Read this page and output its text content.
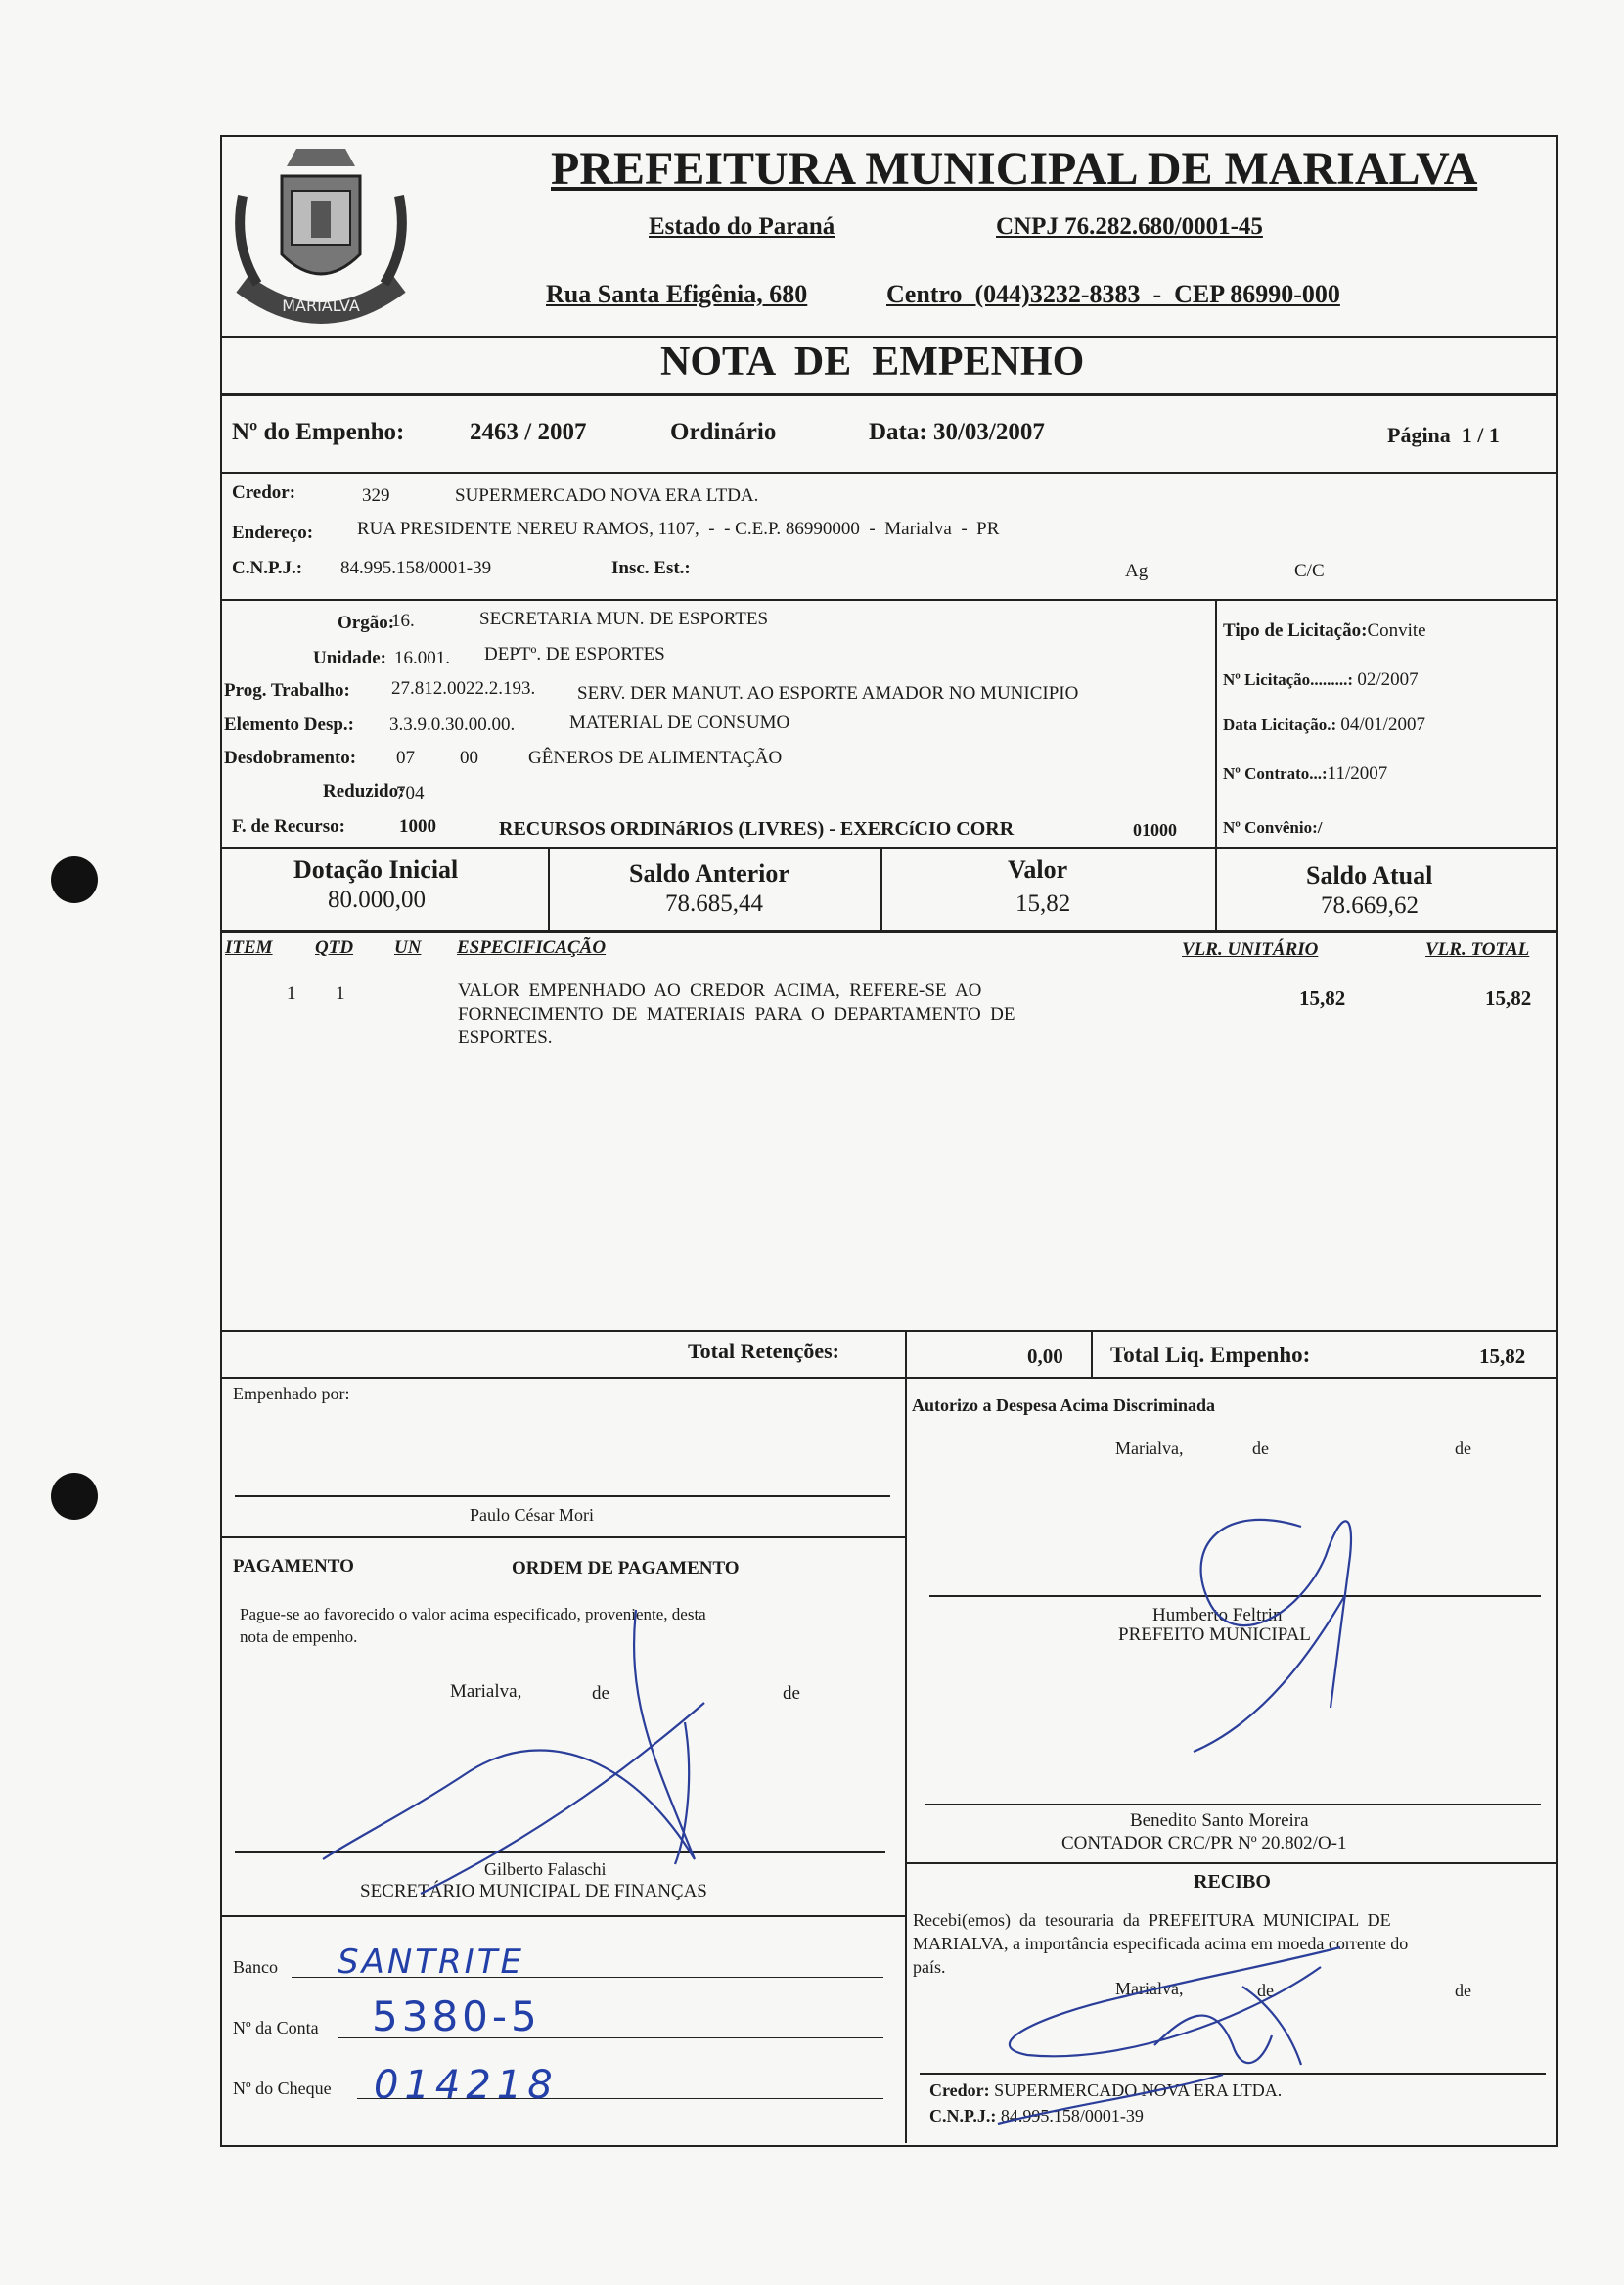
MARIALVA
PREFEITURA MUNICIPAL DE MARIALVA
Estado do Paraná	CNPJ 76.282.680/0001-45
Rua Santa Efigênia, 680	Centro  (044)3232-8383  -  CEP 86990-000
NOTA  DE  EMPENHO
Nº do Empenho:	2463 / 2007	Ordinário	Data: 30/03/2007	Página  1 / 1
Credor:	329	SUPERMERCADO NOVA ERA LTDA.
Endereço: RUA PRESIDENTE NEREU RAMOS, 1107,  -  - C.E.P. 86990000  -  Marialva  -  PR
C.N.P.J.: 84.995.158/0001-39	Insc. Est.:	Ag	C/C
Orgão:
16.	SECRETARIA MUN. DE ESPORTES
Unidade: 16.001. DEPTº. DE ESPORTES
Prog. Trabalho: 27.812.0022.2.193. SERV. DER MANUT. AO ESPORTE AMADOR NO MUNICIPIO
Elemento Desp.: 3.3.9.0.30.00.00.	MATERIAL DE CONSUMO
Desdobramento: 07 00	GÊNEROS DE ALIMENTAÇÃO
Reduzido:
704
F. de Recurso:	1000	RECURSOS ORDINáRIOS (LIVRES) - EXERCíCIO CORR	01000
Tipo de Licitação:Convite
Nº Licitação.........: 02/2007
Data Licitação.: 04/01/2007
Nº Contrato...:11/2007
Nº Convênio:/
Dotação Inicial
80.000,00
Saldo Anterior
78.685,44
Valor
15,82
Saldo Atual
78.669,62
ITEM QTD UN ESPECIFICAÇÃO	VLR. UNITÁRIO	VLR. TOTAL
1 1	VALOR  EMPENHADO  AO  CREDOR  ACIMA,  REFERE-SE  AO
FORNECIMENTO  DE  MATERIAIS  PARA  O  DEPARTAMENTO  DE
ESPORTES.
15,82	15,82
Total Retenções:	0,00 Total Liq. Empenho:	15,82
Empenhado por:
Paulo César Mori
Autorizo a Despesa Acima Discriminada
Marialva,	de	de
Humberto Feltrin
PREFEITO MUNICIPAL
PAGAMENTO	ORDEM DE PAGAMENTO
Pague-se ao favorecido o valor acima especificado, proveniente, desta
nota de empenho.
Marialva,	de	de
Gilberto Falaschi
SECRETÁRIO MUNICIPAL DE FINANÇAS
Banco SANTRITE
Nº da Conta 5380-5
Nº do Cheque 014218
Benedito Santo Moreira
CONTADOR CRC/PR Nº 20.802/O-1
RECIBO
Recebi(emos)  da  tesouraria  da  PREFEITURA  MUNICIPAL  DE
MARIALVA, a importância especificada acima em moeda corrente do
país.
Marialva,	de	de
Credor: SUPERMERCADO NOVA ERA LTDA.
C.N.P.J.: 84.995.158/0001-39
